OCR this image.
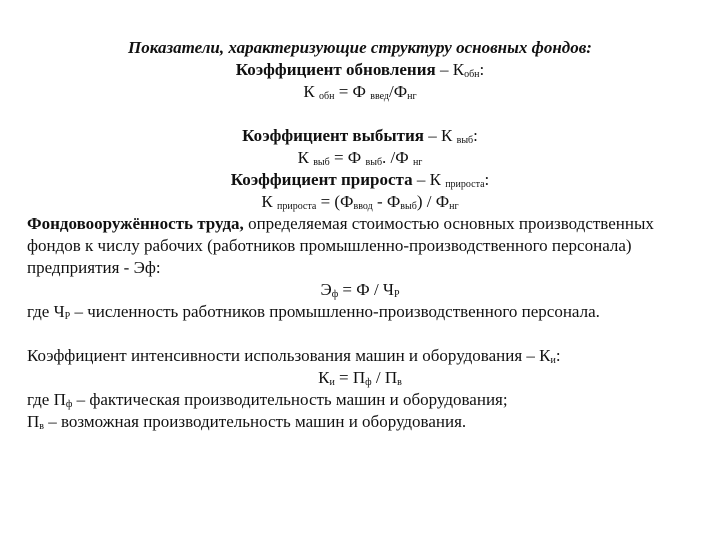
Показатели, характеризующие структуру основных фондов:
Коэффициент обновления – $К_{обн}$:
К $_{обн}$ = Ф $_{введ}/Ф_{нг}$
Коэффициент выбытия – К $_{выб}$:
К $_{выб}$ = Ф $_{выб}$. /Ф $_{нг}$
Коэффициент прироста – К $_{прироста}$:
К $_{прироста} = (Ф_{ввод} - Ф_{выб}) / Ф_{нг}$
Фондовооружённость труда, определяемая стоимостью основных производственных
фондов к числу рабочих (работников промышленно-производственного персонала)
предприятия - Эф:
$Э_ф = Ф / Ч_Р$
где $Ч_Р$ – численность работников промышленно-производственного персонала.
Коэффициент интенсивности использования машин и оборудования – $К_и$:
$К_и = П_ф / П_в$
где $П_ф$ – фактическая производительность машин и оборудования;
$П_в$ – возможная производительность машин и оборудования.
